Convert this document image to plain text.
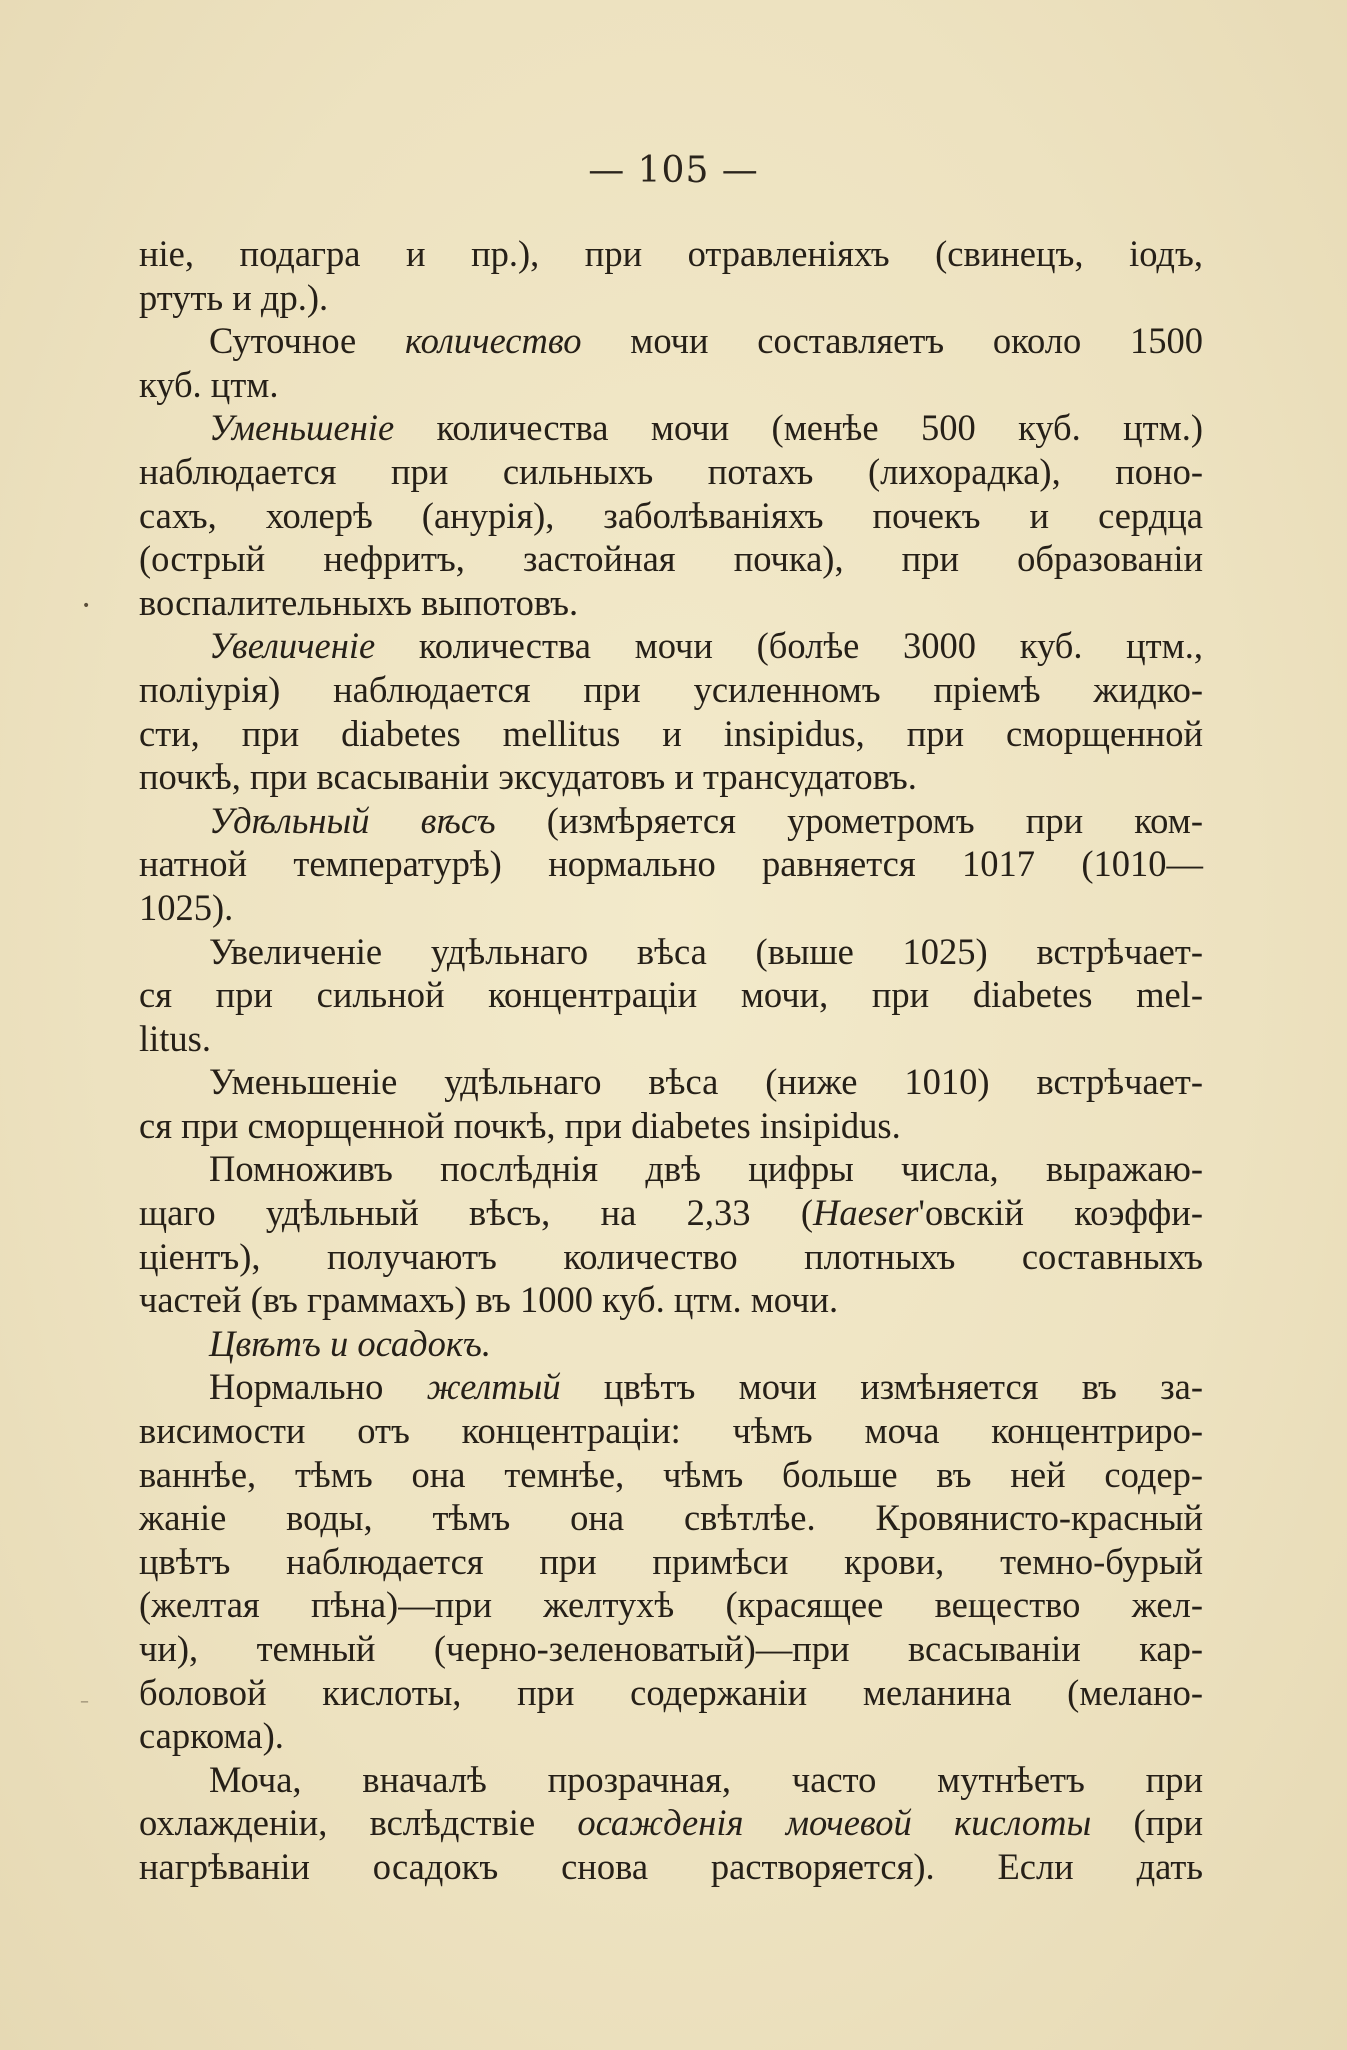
— 105 —
ніе, подагра и пр.), при отравленіяхъ (свинецъ, іодъ,
ртуть и др.).
Суточное количество мочи составляетъ около 1500
куб. цтм.
Уменьшеніе количества мочи (менѣе 500 куб. цтм.)
наблюдается при сильныхъ потахъ (лихорадка), поно-
сахъ, холерѣ (анурія), заболѣваніяхъ почекъ и сердца
(острый нефритъ, застойная почка), при образованіи
воспалительныхъ выпотовъ.
Увеличеніе количества мочи (болѣе 3000 куб. цтм.,
поліурія) наблюдается при усиленномъ пріемѣ жидко-
сти, при diabetes mellitus и insipidus, при сморщенной
почкѣ, при всасываніи эксудатовъ и трансудатовъ.
Удѣльный вѣсъ (измѣряется урометромъ при ком-
натной температурѣ) нормально равняется 1017 (1010—
1025).
Увеличеніе удѣльнаго вѣса (выше 1025) встрѣчает-
ся при сильной концентраціи мочи, при diabetes mel-
litus.
Уменьшеніе удѣльнаго вѣса (ниже 1010) встрѣчает-
ся при сморщенной почкѣ, при diabetes insipidus.
Помноживъ послѣднія двѣ цифры числа, выражаю-
щаго удѣльный вѣсъ, на 2,33 (Haeser'овскій коэффи-
ціентъ), получаютъ количество плотныхъ составныхъ
частей (въ граммахъ) въ 1000 куб. цтм. мочи.
Цвѣтъ и осадокъ.
Нормально желтый цвѣтъ мочи измѣняется въ за-
висимости отъ концентраціи: чѣмъ моча концентриро-
ваннѣе, тѣмъ она темнѣе, чѣмъ больше въ ней содер-
жаніе воды, тѣмъ она свѣтлѣе. Кровянисто-красный
цвѣтъ наблюдается при примѣси крови, темно-бурый
(желтая пѣна)—при желтухѣ (красящее вещество жел-
чи), темный (черно-зеленоватый)—при всасываніи кар-
боловой кислоты, при содержаніи меланина (мелано-
саркома).
Моча, вначалѣ прозрачная, часто мутнѣетъ при
охлажденіи, вслѣдствіе осажденія мочевой кислоты (при
нагрѣваніи осадокъ снова растворяется). Если дать
•
–
